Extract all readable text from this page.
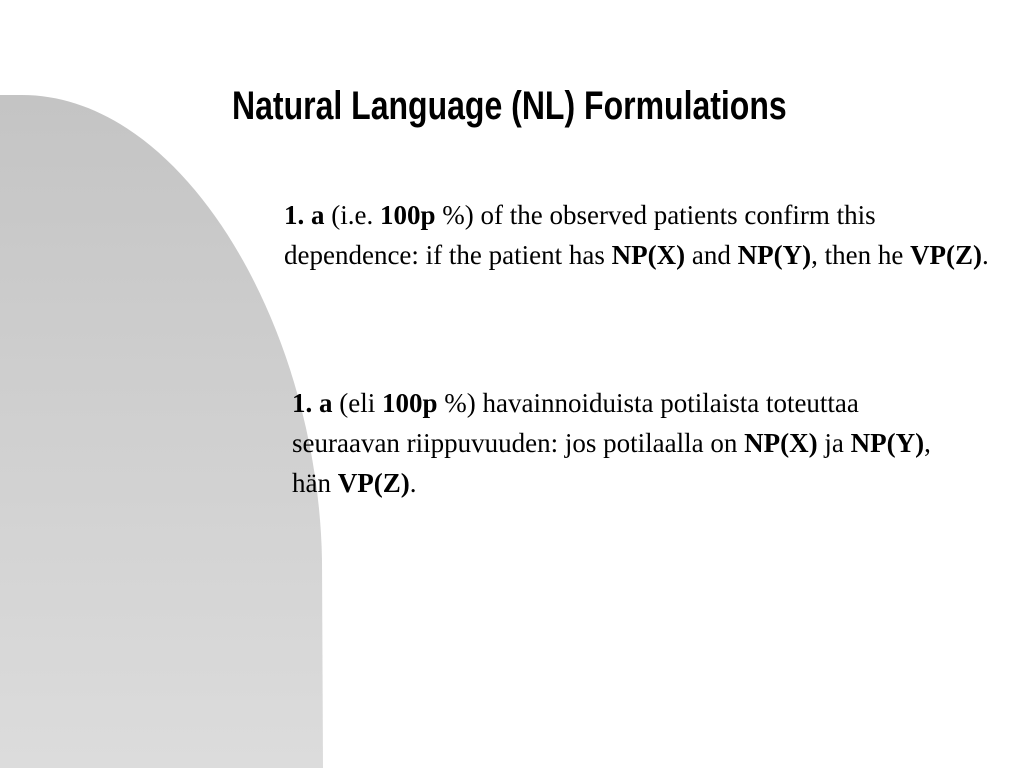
Natural Language (NL) Formulations

1. a (i.e. 100p %) of the observed patients confirm this dependence: if the patient has NP(X) and NP(Y), then he VP(Z).

1. a (eli 100p %) havainnoiduista potilaista toteuttaa seuraavan riippuvuuden: jos potilaalla on NP(X) ja NP(Y), hän VP(Z).
